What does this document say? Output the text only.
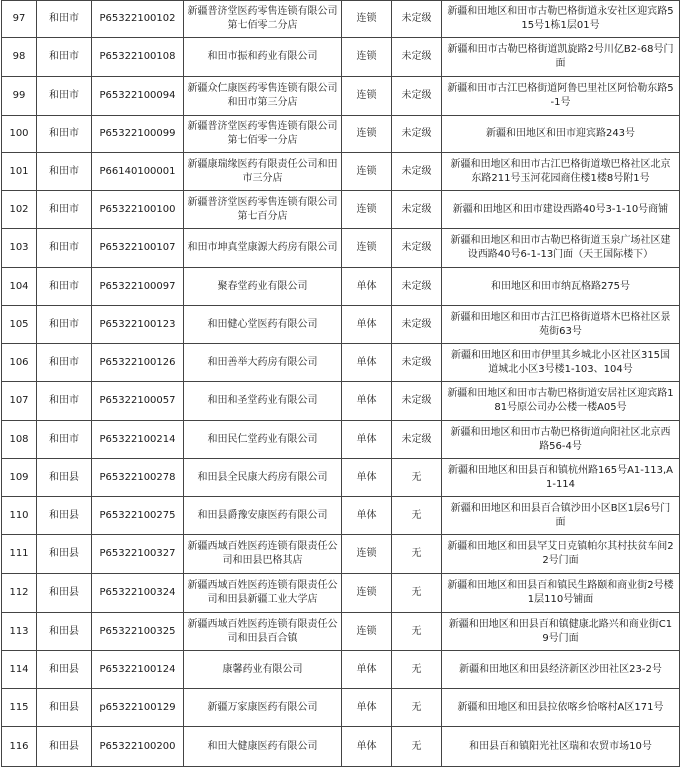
97	和田市	P65322100102	新疆普济堂医药零售连锁有限公司第七佰零二分店	连锁	未定级	新疆和田地区和田市古勒巴格街道永安社区迎宾路515号1栋1层01号
98	和田市	P65322100108	和田市振和药业有限公司	连锁	未定级	新疆和田市古勒巴格街道凯旋路2号川亿B2-68号门面
99	和田市	P65322100094	新疆众仁康医药零售连锁有限公司和田市第三分店	连锁	未定级	新疆和田市古江巴格街道阿鲁巴里社区阿恰勒东路5-1号
100	和田市	P65322100099	新疆普济堂医药零售连锁有限公司第七佰零一分店	连锁	未定级	新疆和田地区和田市迎宾路243号
101	和田市	P66140100001	新疆康瑞缘医药有限责任公司和田市三分店	连锁	未定级	新疆和田地区和田市古江巴格街道墩巴格社区北京东路211号玉河花园商住楼1楼8号附1号
102	和田市	P65322100100	新疆普济堂医药零售连锁有限公司第七百分店	连锁	未定级	新疆和田地区和田市建设西路40号3-1-10号商铺
103	和田市	P65322100107	和田市坤真堂康源大药房有限公司	连锁	未定级	新疆和田地区和田市古勒巴格街道玉泉广场社区建设西路40号6-1-13门面（天王国际楼下）
104	和田市	P65322100097	聚春堂药业有限公司	单体	未定级	和田地区和田市纳瓦格路275号
105	和田市	P65322100123	和田健心堂医药有限公司	单体	未定级	新疆和田地区和田市古江巴格街道塔木巴格社区景苑街63号
106	和田市	P65322100126	和田善举大药房有限公司	单体	未定级	新疆和田地区和田市伊里其乡城北小区社区315国道城北小区3号楼1-103、104号
107	和田市	P65322100057	和田和圣堂药业有限公司	单体	未定级	新疆和田地区和田市古勒巴格街道安居社区迎宾路181号原公司办公楼一楼A05号
108	和田市	P65322100214	和田民仁堂药业有限公司	单体	未定级	新疆和田地区和田市古勒巴格街道向阳社区北京西路56-4号
109	和田县	P65322100278	和田县全民康大药房有限公司	单体	无	新疆和田地区和田县百和镇杭州路165号A1-113,A1-114
110	和田县	P65322100275	和田县爵豫安康医药有限公司	单体	无	新疆和田地区和田县百合镇沙田小区B区1层6号门面
111	和田县	P65322100327	新疆西域百姓医药连锁有限责任公司和田县巴格其店	连锁	无	新疆和田地区和田县罕艾日克镇帕尔其村扶贫车间22号门面
112	和田县	P65322100324	新疆西域百姓医药连锁有限责任公司和田县新疆工业大学店	连锁	无	新疆和田地区和田县百和镇民生路颐和商业街2号楼1层110号铺面
113	和田县	P65322100325	新疆西域百姓医药连锁有限责任公司和田县百合镇	连锁	无	新疆和田地区和田县百和镇健康北路兴和商业街C19号门面
114	和田县	P65322100124	康馨药业有限公司	单体	无	新疆和田地区和田县经济新区沙田社区23-2号
115	和田县	p65322100129	新疆万家康医药有限公司	单体	无	新疆和田地区和田县拉依喀乡恰喀村A区171号
116	和田县	P65322100200	和田大健康医药有限公司	单体	无	和田县百和镇阳光社区瑞和农贸市场10号
